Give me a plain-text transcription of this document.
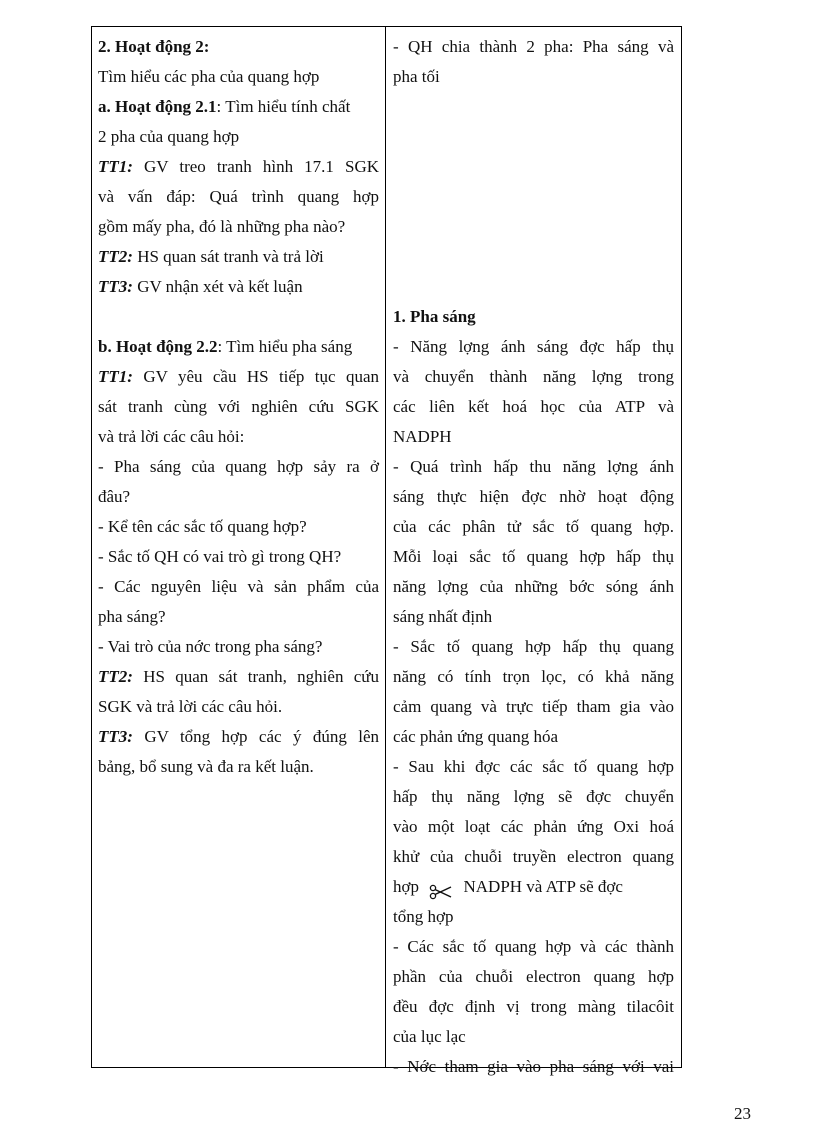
2. Hoạt động 2:
Tìm hiểu các pha của quang hợp
a. Hoạt động 2.1: Tìm hiểu tính chất
2 pha của quang hợp
TT1: GV treo tranh hình 17.1 SGK
và vấn đáp: Quá trình quang hợp
gồm mấy pha, đó là những pha nào?
TT2: HS quan sát tranh và trả lời
TT3: GV nhận xét và kết luận
b. Hoạt động 2.2: Tìm hiểu pha sáng
TT1: GV yêu cầu HS tiếp tục quan
sát tranh cùng với nghiên cứu SGK
và trả lời các câu hỏi:
- Pha sáng của quang hợp sảy ra ở
đâu?
- Kể tên các sắc tố quang hợp?
- Sắc tố QH có vai trò gì trong QH?
- Các nguyên liệu và sản phẩm của
pha sáng?
- Vai trò của nớc trong pha sáng?
TT2: HS quan sát tranh, nghiên cứu
SGK và trả lời các câu hỏi.
TT3: GV tổng hợp các ý đúng lên
bảng, bổ sung và đa ra kết luận.
- QH chia thành 2 pha: Pha sáng và
pha tối
1. Pha sáng
- Năng lợng ánh sáng đợc hấp thụ
và chuyển thành năng lợng trong
các liên kết hoá học của ATP và
NADPH
- Quá trình hấp thu năng lợng ánh
sáng thực hiện đợc nhờ hoạt động
của các phân tử sắc tố quang hợp.
Mỗi loại sắc tố quang hợp hấp thụ
năng lợng của những bớc sóng ánh
sáng nhất định
- Sắc tố quang hợp hấp thụ quang
năng có tính trọn lọc, có khả năng
cảm quang và trực tiếp tham gia vào
các phản ứng quang hóa
- Sau khi đợc các sắc tố quang hợp
hấp thụ năng lợng sẽ đợc chuyển
vào một loạt các phản ứng Oxi hoá
khử của chuỗi truyền electron quang
hợp	NADPH và ATP sẽ đợc
tổng hợp
- Các sắc tố quang hợp và các thành
phần của chuỗi electron quang hợp
đều đợc định vị trong màng tilacôit
của lục lạc
- Nớc tham gia vào pha sáng với vai
23
